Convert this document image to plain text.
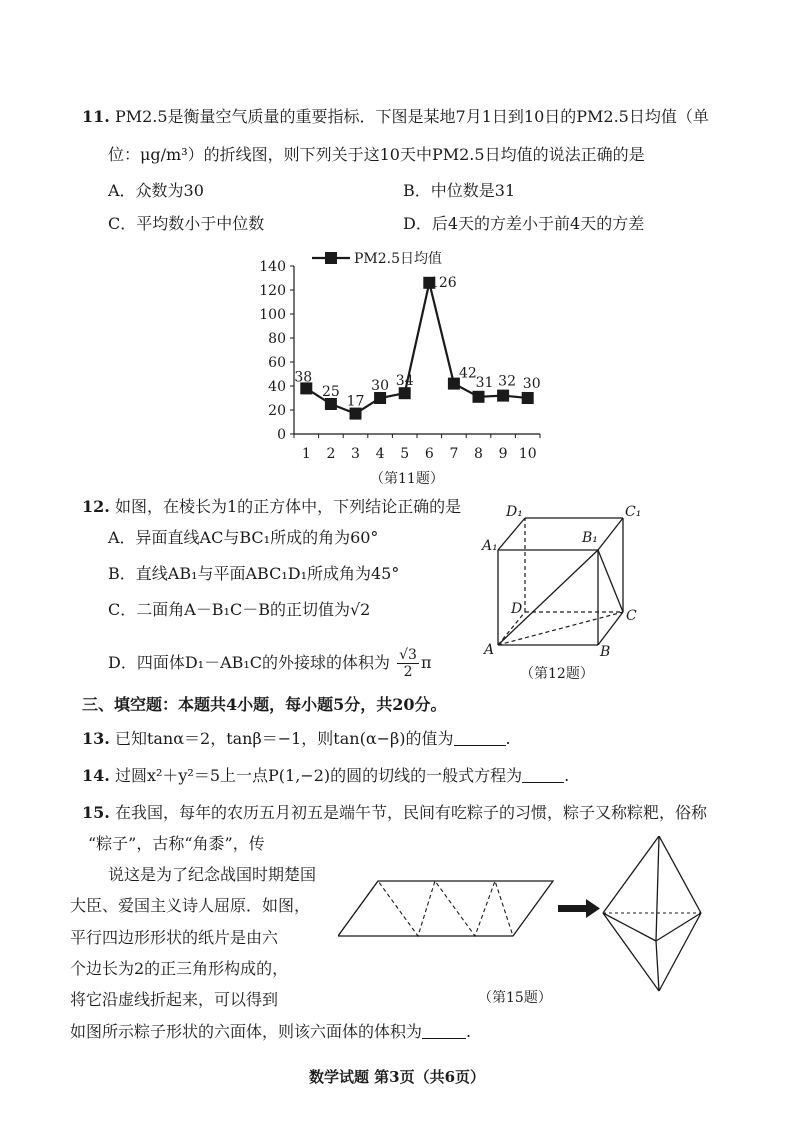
11. PM2.5是衡量空气质量的重要指标．下图是某地7月1日到10日的PM2.5日均值（单
位：μg/m³）的折线图，则下列关于这10天中PM2.5日均值的说法正确的是
A．众数为30	B．中位数是31
C．平均数小于中位数	D．后4天的方差小于前4天的方差
0
20
40
60
80
100
120
140
1 2 3 4 5 6 7 8 9 10
38
25
17
30 34
126
42
31 32 30
PM2.5日均值
（第11题）
12. 如图，在棱长为1的正方体中，下列结论正确的是
A．异面直线AC与BC₁所成的角为60°
B．直线AB₁与平面ABC₁D₁所成角为45°
C．二面角A－B₁C－B的正切值为√2
D．四面体D₁－AB₁C的外接球的体积为 $\frac{√3}{2}$ π
D₁	C₁
A₁	B₁
D	C
A	B
（第12题）
三、填空题：本题共4小题，每小题5分，共20分。
13. 已知tanα＝2，tanβ＝−1，则tan(α−β)的值为	.
14. 过圆x²＋y²＝5上一点P(1,−2)的圆的切线的一般式方程为	.
15. 在我国，每年的农历五月初五是端午节，民间有吃粽子的习惯，粽子又称粽粑，俗称
“粽子”，古称“角黍”，传
说这是为了纪念战国时期楚国
大臣、爱国主义诗人屈原．如图，
平行四边形形状的纸片是由六
个边长为2的正三角形构成的，
将它沿虚线折起来，可以得到
如图所示粽子形状的六面体，则该六面体的体积为	.
（第15题）
数学试题 第3页（共6页）
